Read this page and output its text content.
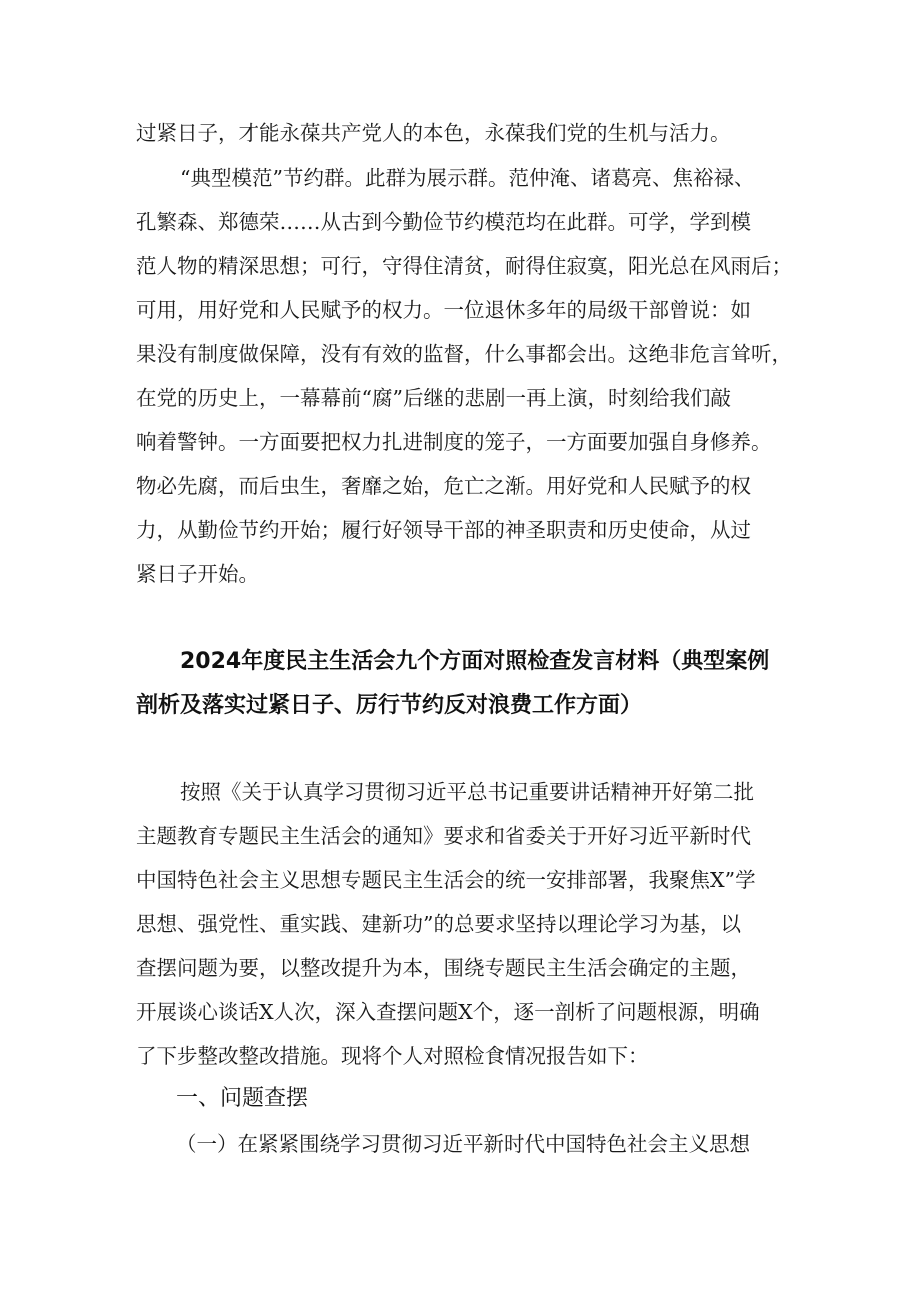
过紧日子，才能永葆共产党人的本色，永葆我们党的生机与活力。
“典型模范”节约群。此群为展示群。范仲淹、诸葛亮、焦裕禄、
孔繁森、郑德荣……从古到今勤俭节约模范均在此群。可学，学到模
范人物的精深思想；可行，守得住清贫，耐得住寂寞，阳光总在风雨后；
可用，用好党和人民赋予的权力。一位退休多年的局级干部曾说：如
果没有制度做保障，没有有效的监督，什么事都会出。这绝非危言耸听，
在党的历史上，一幕幕前“腐”后继的悲剧一再上演，时刻给我们敲
响着警钟。一方面要把权力扎进制度的笼子，一方面要加强自身修养。
物必先腐，而后虫生，奢靡之始，危亡之渐。用好党和人民赋予的权
力，从勤俭节约开始；履行好领导干部的神圣职责和历史使命，从过
紧日子开始。
2024年度民主生活会九个方面对照检查发言材料（典型案例
剖析及落实过紧日子、厉行节约反对浪费工作方面）
按照《关于认真学习贯彻习近平总书记重要讲话精神开好第二批
主题教育专题民主生活会的通知》要求和省委关于开好习近平新时代
中国特色社会主义思想专题民主生活会的统一安排部署，我聚焦X”学
思想、强党性、重实践、建新功”的总要求坚持以理论学习为基，以
查摆问题为要，以整改提升为本，围绕专题民主生活会确定的主题，
开展谈心谈话X人次，深入查摆问题X个，逐一剖析了问题根源，明确
了下步整改整改措施。现将个人对照检食情况报告如下：
一、问题查摆
（一）在紧紧围绕学习贯彻习近平新时代中国特色社会主义思想
